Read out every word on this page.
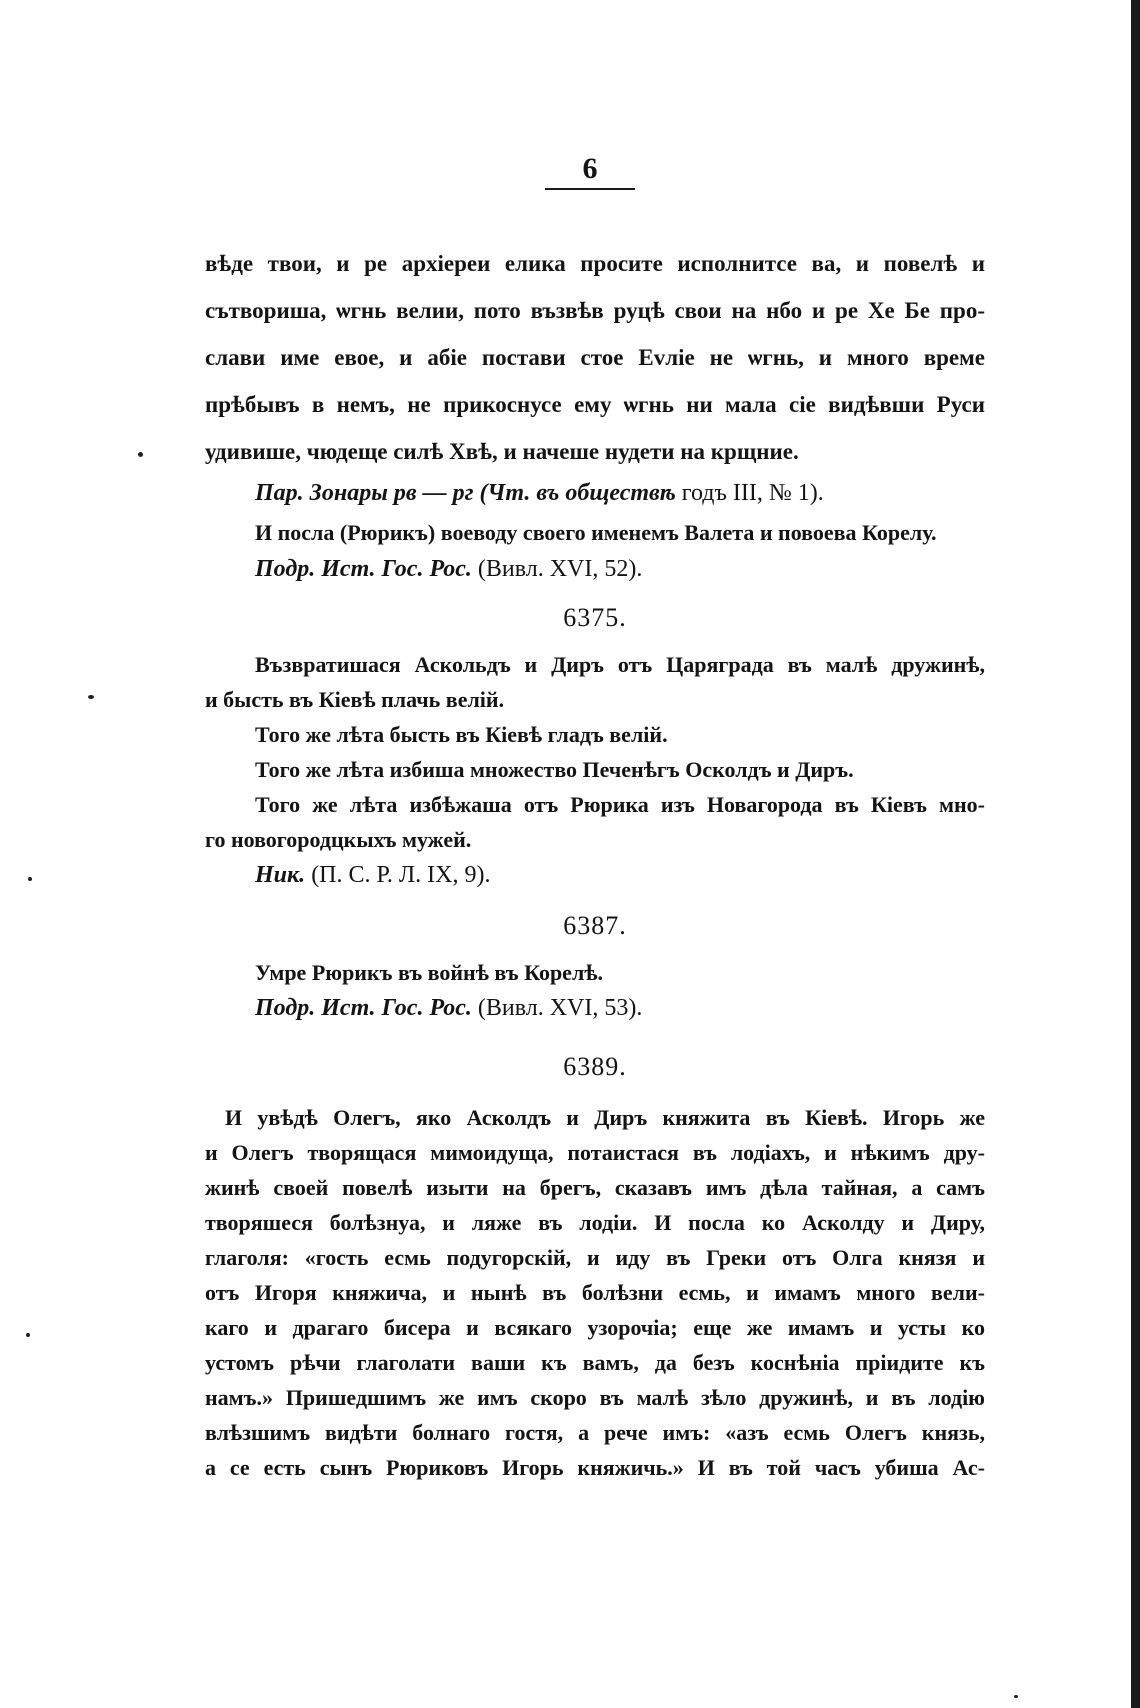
6
вѣде твои, и ре архіереи елика просите исполнитсе ва, и повелѣ и
сътвориша, ѡгнь велии, пото възвѣв руцѣ свои на нбо и ре Хе Бе про-
слави име евое, и абіе постави стое Еvліе не ѡгнь, и много време
прѣбывъ в немъ, не прикоснусе ему ѡгнь ни мала сіе видѣвши Руси
удивише, чюдеще силѣ Хвѣ, и начеше нудети на крщние.
Пар. Зонары рв — рг (Чт. въ обществѣ годъ III, № 1).
И посла (Рюрикъ) воеводу своего именемъ Валета и повоева Корелу.
Подр. Ист. Гос. Рос. (Вивл. XVI, 52).
6375.
Възвратишася Аскольдъ и Диръ отъ Царяграда въ малѣ дружинѣ,
и бысть въ Кіевѣ плачь велій.
Того же лѣта бысть въ Кіевѣ гладъ велій.
Того же лѣта избиша множество Печенѣгъ Осколдъ и Диръ.
Того же лѣта избѣжаша отъ Рюрика изъ Новагорода въ Кіевъ мно-
го новогородцкыхъ мужей.
Ник. (П. С. Р. Л. IX, 9).
6387.
Умре Рюрикъ въ войнѣ въ Корелѣ.
Подр. Ист. Гос. Рос. (Вивл. XVI, 53).
6389.
И увѣдѣ Олегъ, яко Асколдъ и Диръ княжита въ Кіевѣ. Игорь же
и Олегъ творящася мимоидуща, потаистася въ лодіахъ, и нѣкимъ дру-
жинѣ своей повелѣ изыти на брегъ, сказавъ имъ дѣла тайная, а самъ
творяшеся болѣзнуа, и ляже въ лодіи. И посла ко Асколду и Диру,
глаголя: «гость есмь подугорскій, и иду въ Греки отъ Олга князя и
отъ Игоря княжича, и нынѣ въ болѣзни есмь, и имамъ много вели-
каго и драгаго бисера и всякаго узорочіа; еще же имамъ и усты ко
устомъ рѣчи глаголати ваши къ вамъ, да безъ коснѣніа пріидите къ
намъ.» Пришедшимъ же имъ скоро въ малѣ зѣло дружинѣ, и въ лодію
влѣзшимъ видѣти болнаго гостя, а рече имъ: «азъ есмь Олегъ князь,
а се есть сынъ Рюриковъ Игорь княжичь.» И въ той часъ убиша Ас-
